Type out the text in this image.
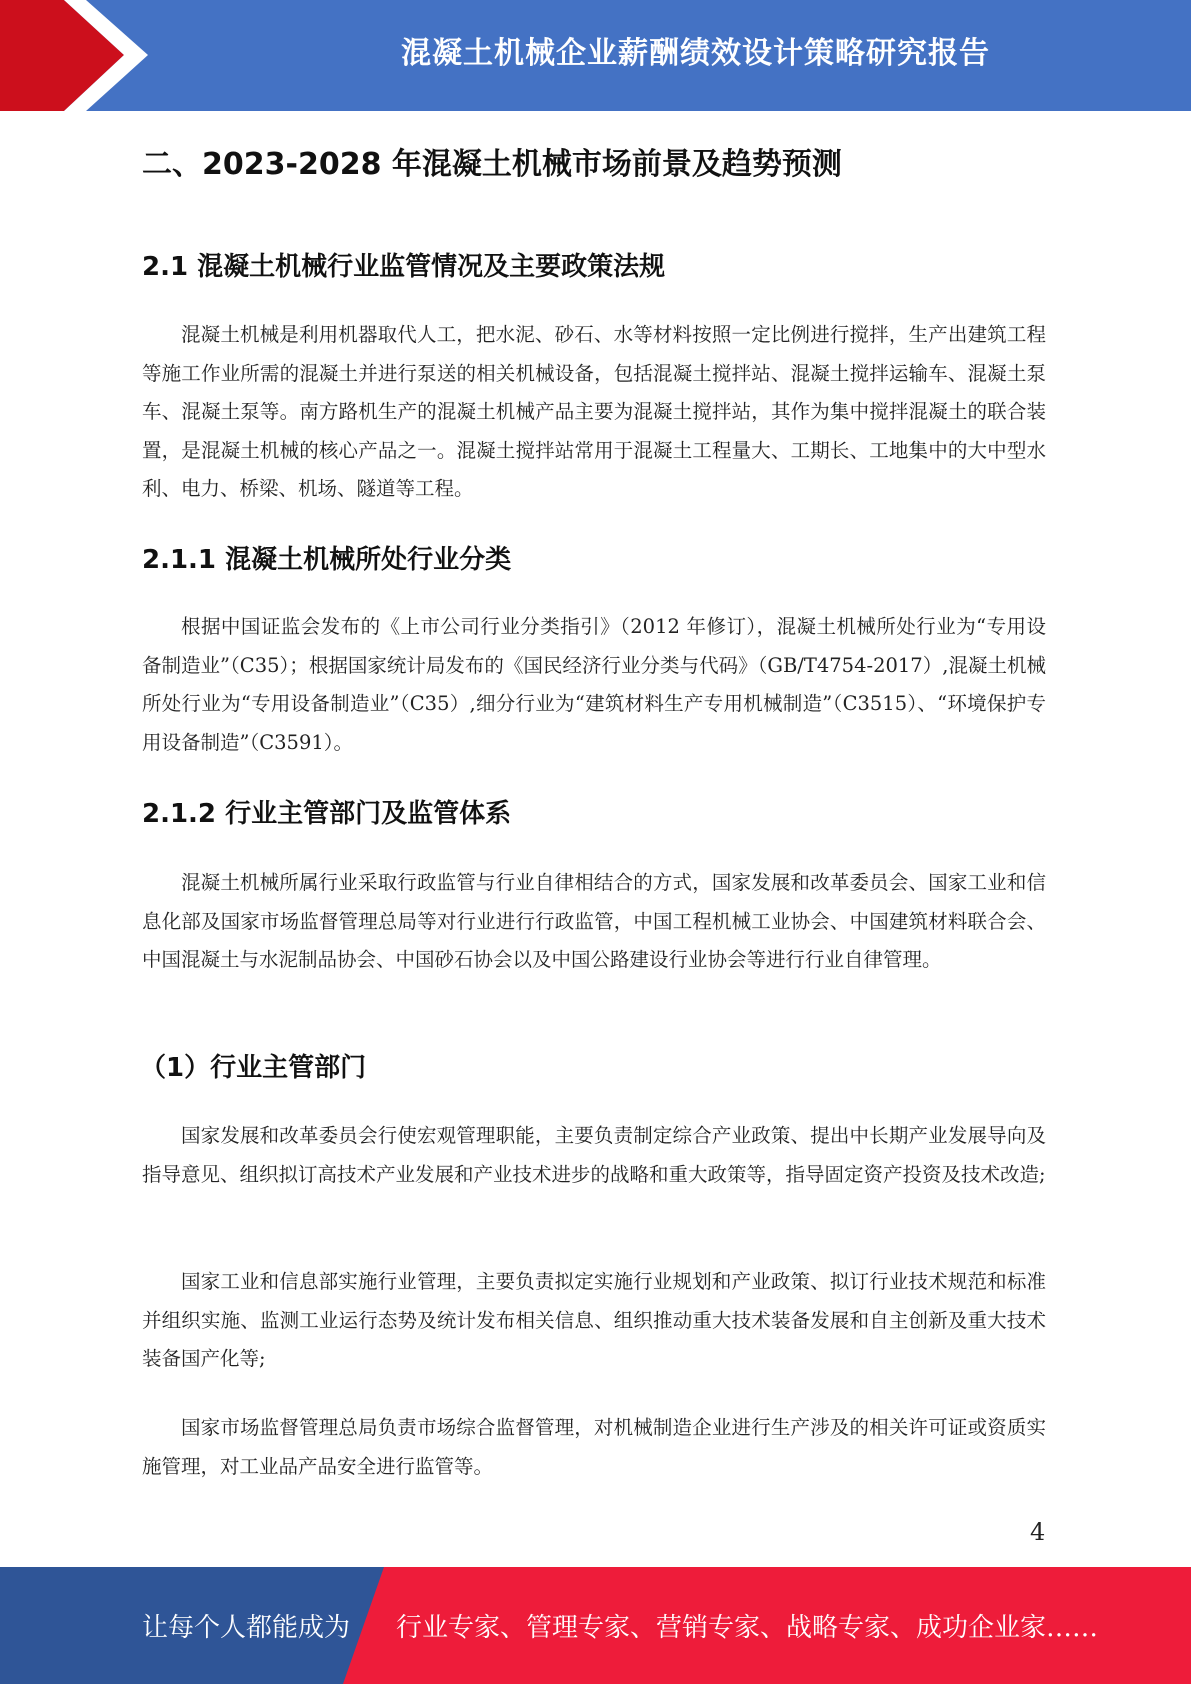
混凝土机械企业薪酬绩效设计策略研究报告
二、2023-2028 年混凝土机械市场前景及趋势预测
2.1 混凝土机械行业监管情况及主要政策法规

混凝土机械是利用机器取代人工，把水泥、砂石、水等材料按照一定比例进行搅拌，生产出建筑工程等施工作业所需的混凝土并进行泵送的相关机械设备，包括混凝土搅拌站、混凝土搅拌运输车、混凝土泵车、混凝土泵等。南方路机生产的混凝土机械产品主要为混凝土搅拌站，其作为集中搅拌混凝土的联合装置，是混凝土机械的核心产品之一。混凝土搅拌站常用于混凝土工程量大、工期长、工地集中的大中型水利、电力、桥梁、机场、隧道等工程。

2.1.1 混凝土机械所处行业分类

根据中国证监会发布的《上市公司行业分类指引》（2012 年修订），混凝土机械所处行业为“专用设备制造业”（C35）；根据国家统计局发布的《国民经济行业分类与代码》（GB/T4754-2017）,混凝土机械所处行业为“专用设备制造业”（C35）,细分行业为“建筑材料生产专用机械制造”（C3515）、“环境保护专用设备制造”（C3591）。

2.1.2 行业主管部门及监管体系

混凝土机械所属行业采取行政监管与行业自律相结合的方式，国家发展和改革委员会、国家工业和信息化部及国家市场监督管理总局等对行业进行行政监管，中国工程机械工业协会、中国建筑材料联合会、中国混凝土与水泥制品协会、中国砂石协会以及中国公路建设行业协会等进行行业自律管理。

（1）行业主管部门

国家发展和改革委员会行使宏观管理职能，主要负责制定综合产业政策、提出中长期产业发展导向及指导意见、组织拟订高技术产业发展和产业技术进步的战略和重大政策等，指导固定资产投资及技术改造;

国家工业和信息部实施行业管理，主要负责拟定实施行业规划和产业政策、拟订行业技术规范和标准并组织实施、监测工业运行态势及统计发布相关信息、组织推动重大技术装备发展和自主创新及重大技术装备国产化等;

国家市场监督管理总局负责市场综合监督管理，对机械制造企业进行生产涉及的相关许可证或资质实施管理，对工业品产品安全进行监管等。

4
让每个人都能成为 行业专家、管理专家、营销专家、战略专家、成功企业家……
